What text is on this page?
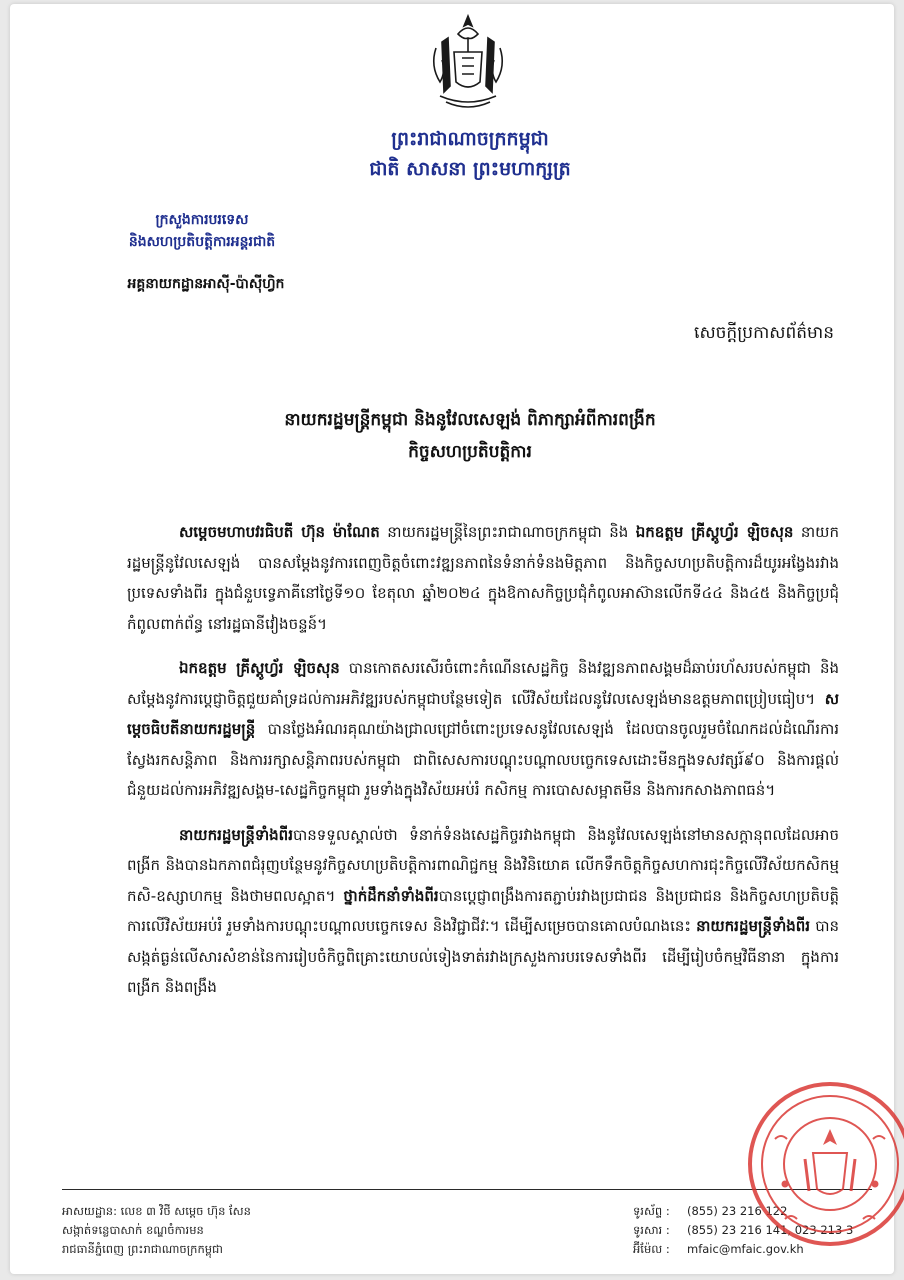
ព្រះរាជាណាចក្រកម្ពុជា
ជាតិ សាសនា ព្រះមហាក្សត្រ
ក្រសួងការបរទេស
និងសហប្រតិបត្តិការអន្តរជាតិ
អគ្គនាយកដ្ឋានអាស៊ី-ប៉ាស៊ីហ្វិក
សេចក្តីប្រកាសព័ត៌មាន
នាយករដ្ឋមន្រ្តីកម្ពុជា និងនូវែលសេឡង់ ពិភាក្សាអំពីការពង្រីក
កិច្ចសហប្រតិបត្តិការ

សម្តេចមហាបវរធិបតី ហ៊ុន ម៉ាណែត នាយករដ្ឋមន្រ្តីនៃព្រះរាជាណាចក្រកម្ពុជា និង ឯកឧត្តម គ្រីស្តូហ្វ័រ ឡិចសុន នាយករដ្ឋមន្រ្តីនូវែលសេឡង់ បានសម្តែងនូវការពេញចិត្តចំពោះវឌ្ឍនភាពនៃទំនាក់ទំនងមិត្តភាព និងកិច្ចសហប្រតិបត្តិការដ៏យូរអង្វែងរវាងប្រទេសទាំងពីរ ក្នុងជំនួបទ្វេភាគីនៅថ្ងៃទី១០ ខែតុលា ឆ្នាំ២០២៤ ក្នុងឱកាសកិច្ចប្រជុំកំពូលអាស៊ានលើកទី៤៤ និង៤៥ និងកិច្ចប្រជុំកំពូលពាក់ព័ន្ធ នៅរដ្ឋធានីវៀងចន្ទន៍។

ឯកឧត្តម គ្រីស្តូហ្វ័រ ឡិចសុន បានកោតសរសើរចំពោះកំណើនសេដ្ឋកិច្ច និងវឌ្ឍនភាពសង្គមដ៏ឆាប់រហ័សរបស់កម្ពុជា និងសម្តែងនូវការប្តេជ្ញាចិត្តជួយគាំទ្រដល់ការអភិវឌ្ឍរបស់កម្ពុជាបន្ថែមទៀត លើវិស័យដែលនូវែលសេឡង់មានឧត្តមភាពប្រៀបធៀប។ សម្តេចធិបតីនាយករដ្ឋមន្រ្តី បានថ្លែងអំណរគុណយ៉ាងជ្រាលជ្រៅចំពោះប្រទេសនូវែលសេឡង់ ដែលបានចូលរួមចំណែកដល់ដំណើរការស្វែងរកសន្តិភាព និងការរក្សាសន្តិភាពរបស់កម្ពុជា ជាពិសេសការបណ្តុះបណ្តាលបច្ចេកទេសដោះមីនក្នុងទសវត្សរ៍៩០ និងការផ្តល់ជំនួយដល់ការអភិវឌ្ឍសង្គម-សេដ្ឋកិច្ចកម្ពុជា រួមទាំងក្នុងវិស័យអប់រំ កសិកម្ម ការបោសសម្អាតមីន និងការកសាងភាពធន់។

នាយករដ្ឋមន្រ្តីទាំងពីរបានទទួលស្គាល់ថា ទំនាក់ទំនងសេដ្ឋកិច្ចរវាងកម្ពុជា និងនូវែលសេឡង់នៅមានសក្តានុពលដែលអាចពង្រីក និងបានឯកភាពជំរុញបន្ថែមនូវកិច្ចសហប្រតិបត្តិការពាណិជ្ជកម្ម និងវិនិយោគ លើកទឹកចិត្តកិច្ចសហការជុះកិច្ចលើវិស័យកសិកម្ម កសិ-ឧស្សាហកម្ម និងថាមពលស្អាត។ ថ្នាក់ដឹកនាំទាំងពីរបានប្តេជ្ញាពង្រឹងការតភ្ជាប់រវាងប្រជាជន និងប្រជាជន និងកិច្ចសហប្រតិបត្តិការលើវិស័យអប់រំ រួមទាំងការបណ្តុះបណ្តាលបច្ចេកទេស និងវិជ្ជាជីវៈ។ ដើម្បីសម្រេចបានគោលបំណងនេះ នាយករដ្ឋមន្រ្តីទាំងពីរ បានសង្កត់ធ្ងន់លើសារសំខាន់នៃការរៀបចំកិច្ចពិគ្រោះយោបល់ទៀងទាត់រវាងក្រសួងការបរទេសទាំងពីរ ដើម្បីរៀបចំកម្មវិធីនានា ក្នុងការពង្រីក និងពង្រឹង

អាសយដ្ឋាន: លេខ ៣ វិថី សម្តេច ហ៊ុន សែន
សង្កាត់ទន្លេបាសាក់ ខណ្ឌចំការមន
រាជធានីភ្នំពេញ ព្រះរាជាណាចក្រកម្ពុជា
ទូរស័ព្ទ :	(855) 23 216 122
ទូរសារ :	(855) 23 216 141, 023 213 3
អ៊ីម៉ែល :	mfaic@mfaic.gov.kh
